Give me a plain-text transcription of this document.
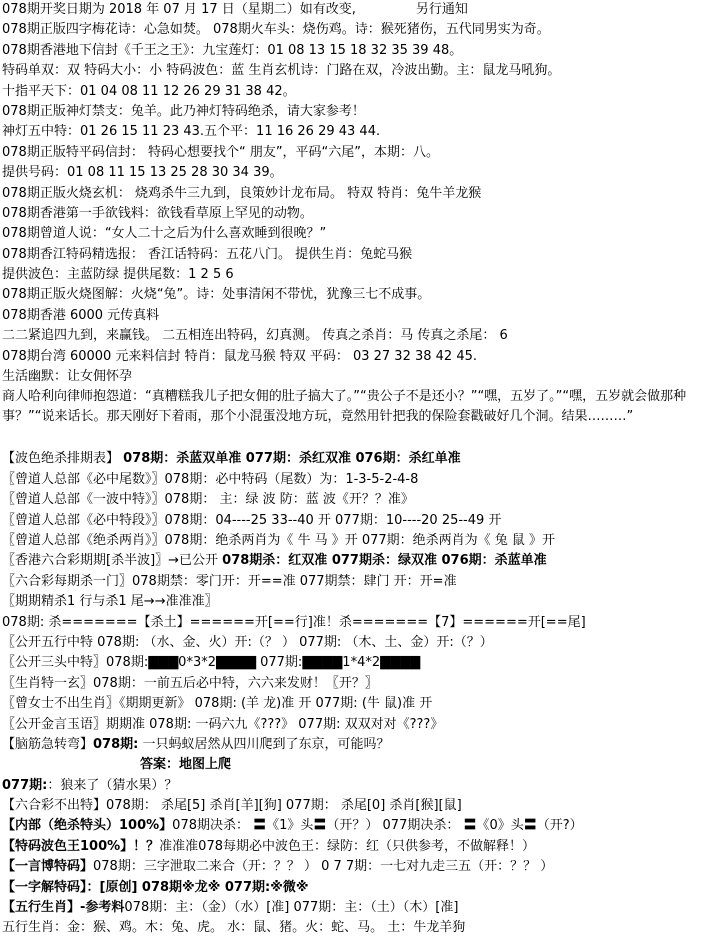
078期开奖日期为 2018 年 07 月 17 日（星期二）如有改变,	另行通知
078期正版四字梅花诗：心急如焚。 078期火车头：烧伤鸡。诗：猴死猪伤，五代同男实为奇。
078期香港地下信封《千王之王》：九宝莲灯：01 08 13 15 18 32 35 39 48。
特码单双：双 特码大小：小 特码波色：蓝 生肖玄机诗：门路在双，冷波出勤。主：鼠龙马吼狗。
十指平天下：01 04 08 11 12 26 29 31 38 42。
078期正版神灯禁支：兔羊。此乃神灯特码绝杀，请大家参考！
神灯五中特：01 26 15 11 23 43.五个平：11 16 26 29 43 44.
078期正版特平码信封： 特码心想要找个“ 朋友”，平码“六尾”，本期：八。
提供号码：01 08 11 15 13 25 28 30 34 39。
078期正版火烧玄机： 烧鸡杀牛三九到，良策妙计龙布局。 特双 特肖：兔牛羊龙猴
078期香港第一手欲钱料：欲钱看草原上罕见的动物。
078期曾道人说：“女人二十之后为什么喜欢睡到很晚？”
078期香江特码精选报： 香江话特码：五花八门。 提供生肖：兔蛇马猴
提供波色：主蓝防绿 提供尾数：1 2 5 6
078期正版火烧图解：火烧“兔”。诗：处事清闲不带忧，犹豫三七不成事。
078期香港 6000 元传真料
二二紧追四九到，来赢钱。 二五相连出特码，幻真测。 传真之杀肖：马 传真之杀尾： 6
078期台湾 60000 元来料信封 特肖：鼠龙马猴 特双 平码： 03 27 32 38 42 45.
生活幽默：让女佣怀孕
商人哈利向律师抱怨道：“真糟糕我儿子把女佣的肚子搞大了。”“贵公子不是还小？”“嘿，五岁了。”“嘿，五岁就会做那种事？”“说来话长。那天刚好下着雨，那个小混蛋没地方玩，竟然用针把我的保险套戳破好几个洞。结果………”
【波色绝杀排期表】 078期：杀蓝双单准 077期：杀红双准 076期：杀红单准
〖曾道人总部《必中尾数》〗078期：必中特码（尾数）为：1-3-5-2-4-8
〖曾道人总部《一波中特》〗078期： 主：绿 波 防：蓝 波《开？？准》
〖曾道人总部《必中特段》〗078期：04----25 33--40 开 077期：10----20 25--49 开
〖曾道人总部《绝杀两肖》〗078期：绝杀两肖为《 牛 马 》开 077期：绝杀两肖为《 兔 鼠 》开
〖香港六合彩期期[杀半波]〗→已公开 078期杀：红双准 077期杀：绿双准 076期：杀蓝单准
〖六合彩每期杀一门〗078期禁：零门开：开==准 077期禁：肆门 开：开=准
〖期期精杀1 行与杀1 尾→→准准准〗
078期: 杀=======【杀土】======开[==行]准！杀=======【7】======开[==尾]
〖公开五行中特 078期: （水、金、火）开:（？ ） 077期: （木、土、金）开:（？）
〖公开三头中特〗078期:▇▇▇0*3*2▇▇▇▇ 077期:▇▇▇▇1*4*2▇▇▇▇
〖生肖特一玄〗078期：一前五后必中特，六六来发财！〖开？〗
〖曾女士不出生肖〗《期期更新》 078期: (羊 龙)准 开 077期: (牛 鼠)准 开
〖公开金言玉语〗期期准 078期: 一码六九《???》 077期: 双双对对《???》
【脑筋急转弯】078期: 一只蚂蚁居然从四川爬到了东京，可能吗？
答案：地图上爬
077期:：狼来了（猜水果）？
【六合彩不出特】078期： 杀尾[5] 杀肖[羊][狗] 077期： 杀尾[0] 杀肖[猴][鼠]
【内部（绝杀特头）100%】078期决杀： 〓《1》头〓（开？） 077期决杀： 〓《0》头〓（开?）
【特码波色王100%】！？准准准078每期必中波色王：绿防：红（只供参考，不做解释！）
【一言博特码】078期：三字泄取二来合（开：？？ ） 0 7 7期：一七对九走三五（开：？？ ）
【一字解特码】：[原创] 078期※龙※ 077期:※微※
【五行生肖】-参考料078期：主：（金）（水）[准] 077期：主：（土）（木）[准]
五行生肖：金：猴、鸡。木：兔、虎。 水：鼠、猪。火：蛇、马。 土：牛龙羊狗
